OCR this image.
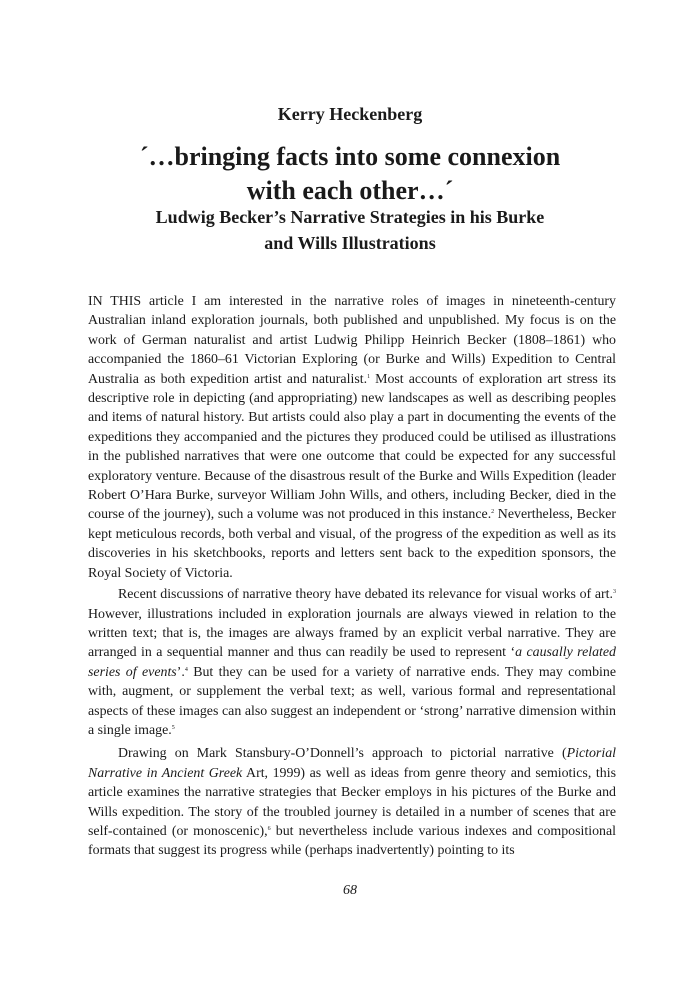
Kerry Heckenberg
´…bringing facts into some connexion
with each other…´
Ludwig Becker’s Narrative Strategies in his Burke
and Wills Illustrations

IN THIS article I am interested in the narrative roles of images in nineteenth-century Australian inland exploration journals, both published and unpublished. My focus is on the work of German naturalist and artist Ludwig Philipp Heinrich Becker (1808–1861) who accompanied the 1860–61 Victorian Exploring (or Burke and Wills) Expedition to Central Australia as both expedition artist and naturalist.$^1$ Most accounts of exploration art stress its descriptive role in depicting (and appropriating) new landscapes as well as describing peoples and items of natural history. But artists could also play a part in documenting the events of the expeditions they accompanied and the pictures they produced could be utilised as illustrations in the published narratives that were one outcome that could be expected for any successful exploratory venture. Because of the disastrous result of the Burke and Wills Expedition (leader Robert O’Hara Burke, surveyor William John Wills, and others, including Becker, died in the course of the journey), such a volume was not produced in this instance.$^2$ Nevertheless, Becker kept meticulous records, both verbal and visual, of the progress of the expedition as well as its discoveries in his sketchbooks, reports and letters sent back to the expedition sponsors, the Royal Society of Victoria.

Recent discussions of narrative theory have debated its relevance for visual works of art.$^3$ However, illustrations included in exploration journals are always viewed in relation to the written text; that is, the images are always framed by an explicit verbal narrative. They are arranged in a sequential manner and thus can readily be used to represent ‘a causally related series of events’.$^4$ But they can be used for a variety of narrative ends. They may combine with, augment, or supplement the verbal text; as well, various formal and representational aspects of these images can also suggest an independent or ‘strong’ narrative dimension within a single image.$^5$

Drawing on Mark Stansbury-O’Donnell’s approach to pictorial narrative (Pictorial Narrative in Ancient Greek Art, 1999) as well as ideas from genre theory and semiotics, this article examines the narrative strategies that Becker employs in his pictures of the Burke and Wills expedition. The story of the troubled journey is detailed in a number of scenes that are self-contained (or monoscenic),$^6$ but nevertheless include various indexes and compositional formats that suggest its progress while (perhaps inadvertently) pointing to its

68
